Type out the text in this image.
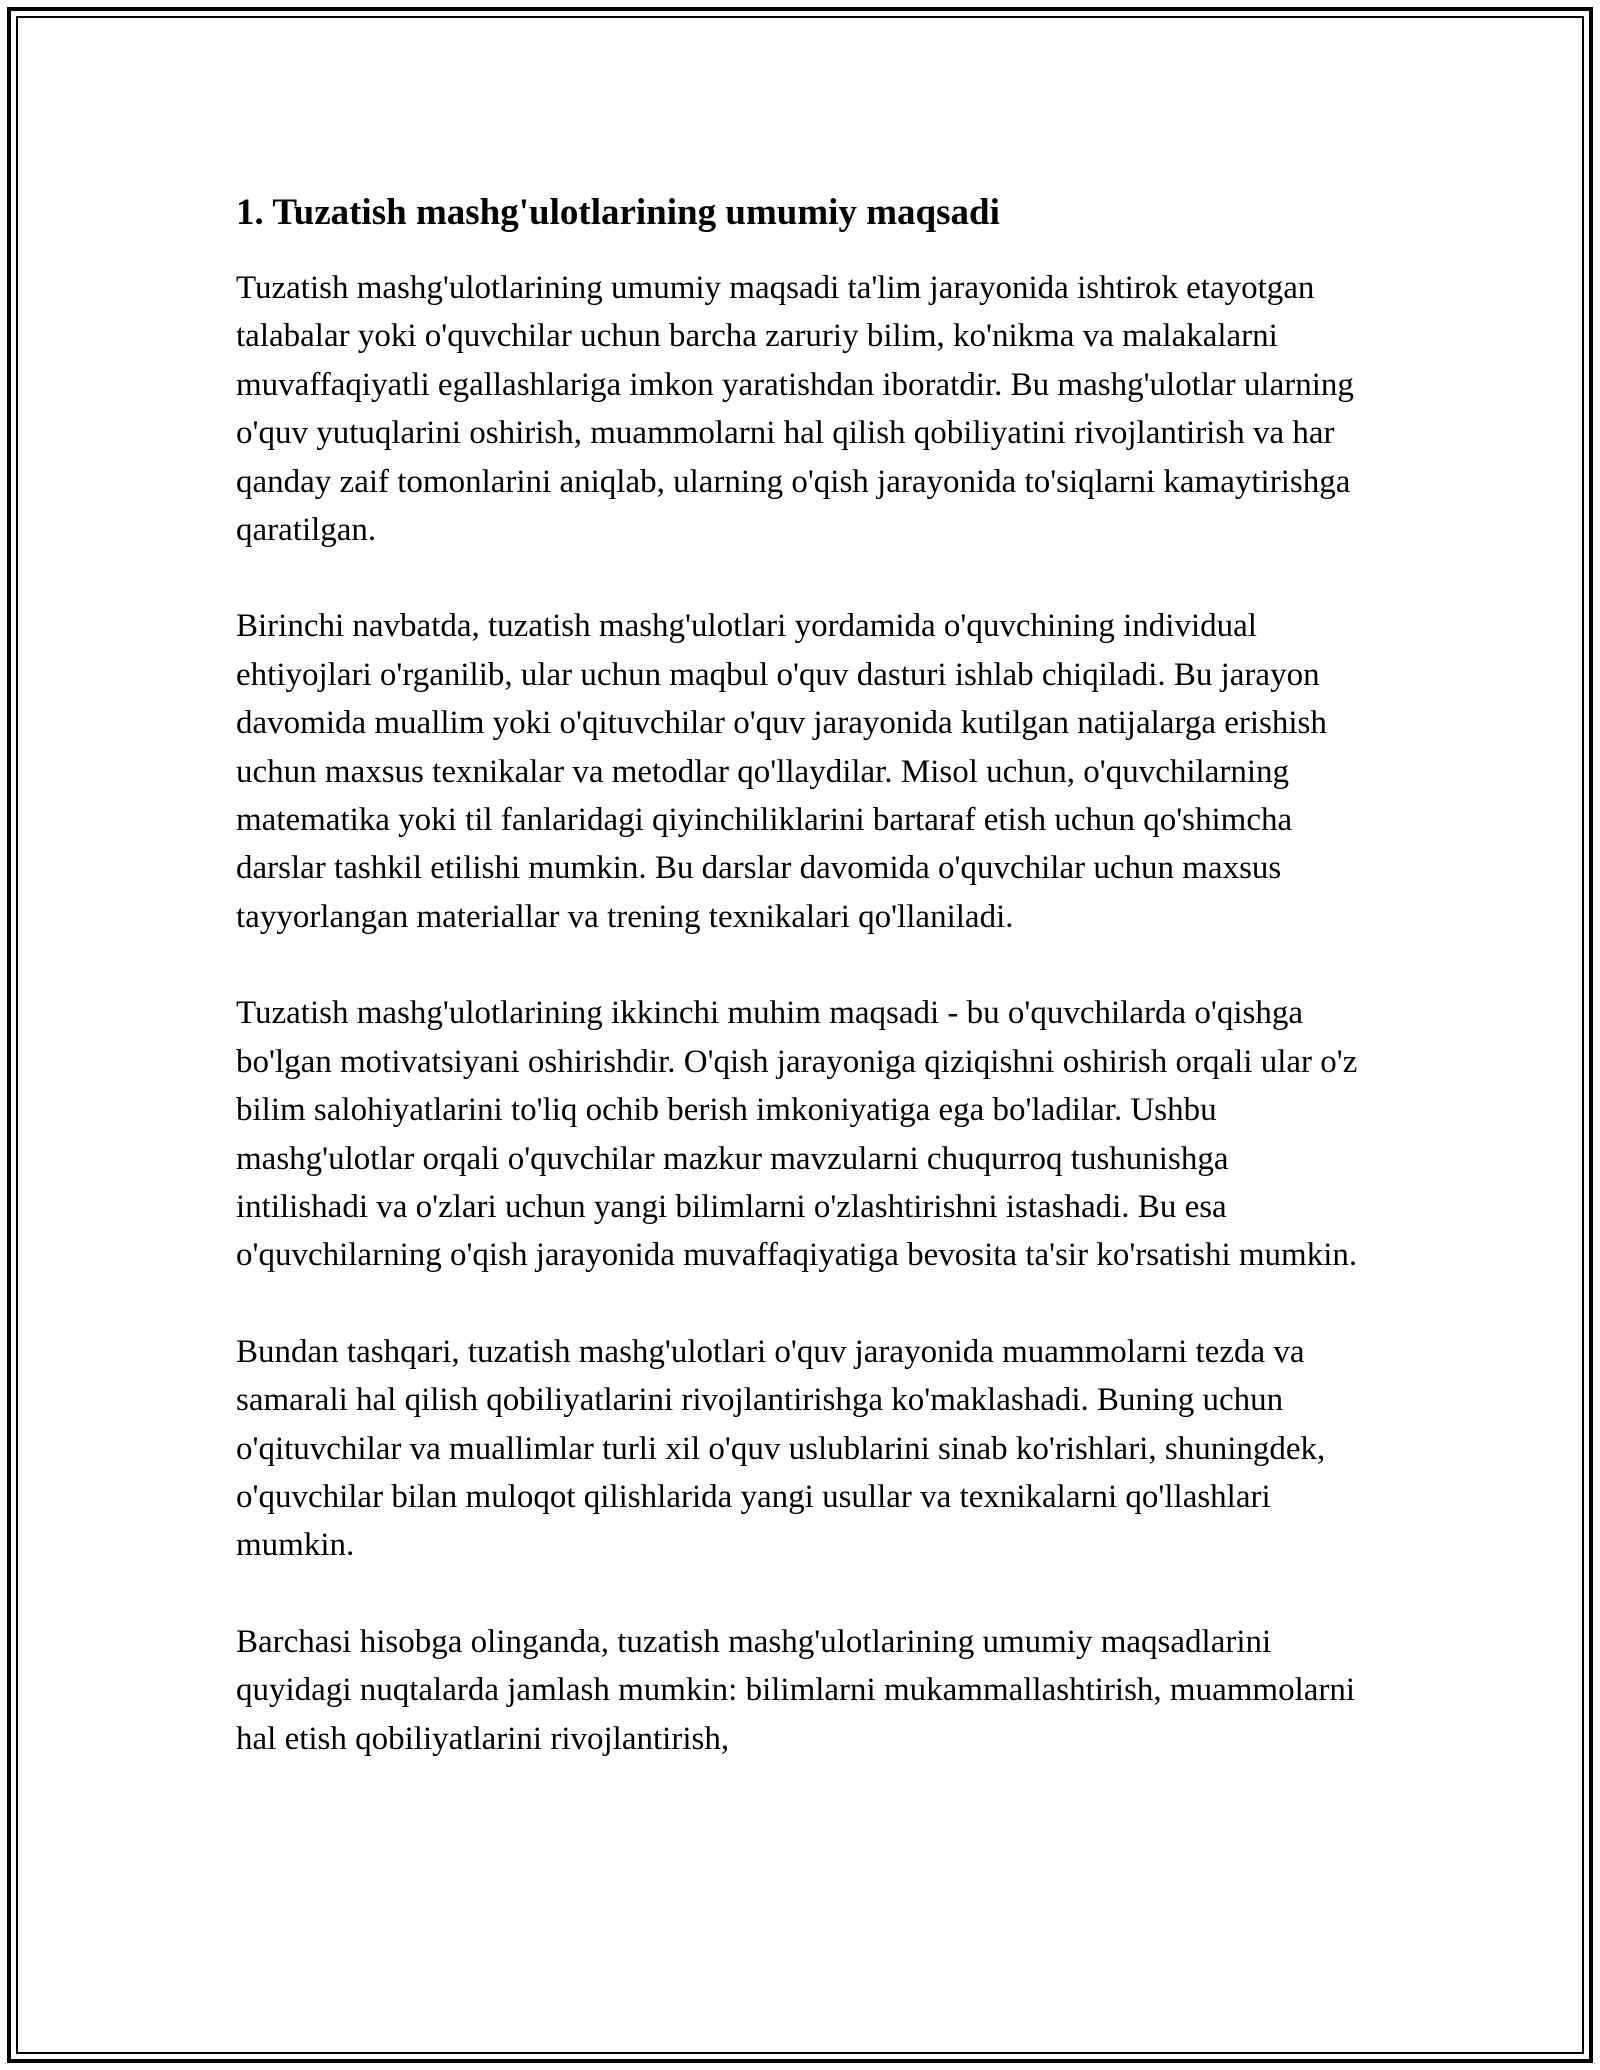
1. Tuzatish mashg'ulotlarining umumiy maqsadi

Tuzatish mashg'ulotlarining umumiy maqsadi ta'lim jarayonida ishtirok etayotgan talabalar yoki o'quvchilar uchun barcha zaruriy bilim, ko'nikma va malakalarni muvaffaqiyatli egallashlariga imkon yaratishdan iboratdir. Bu mashg'ulotlar ularning o'quv yutuqlarini oshirish, muammolarni hal qilish qobiliyatini rivojlantirish va har qanday zaif tomonlarini aniqlab, ularning o'qish jarayonida to'siqlarni kamaytirishga qaratilgan.

Birinchi navbatda, tuzatish mashg'ulotlari yordamida o'quvchining individual ehtiyojlari o'rganilib, ular uchun maqbul o'quv dasturi ishlab chiqiladi. Bu jarayon davomida muallim yoki o'qituvchilar o'quv jarayonida kutilgan natijalarga erishish uchun maxsus texnikalar va metodlar qo'llaydilar. Misol uchun, o'quvchilarning matematika yoki til fanlaridagi qiyinchiliklarini bartaraf etish uchun qo'shimcha darslar tashkil etilishi mumkin. Bu darslar davomida o'quvchilar uchun maxsus tayyorlangan materiallar va trening texnikalari qo'llaniladi.

Tuzatish mashg'ulotlarining ikkinchi muhim maqsadi - bu o'quvchilarda o'qishga bo'lgan motivatsiyani oshirishdir. O'qish jarayoniga qiziqishni oshirish orqali ular o'z bilim salohiyatlarini to'liq ochib berish imkoniyatiga ega bo'ladilar. Ushbu mashg'ulotlar orqali o'quvchilar mazkur mavzularni chuqurroq tushunishga intilishadi va o'zlari uchun yangi bilimlarni o'zlashtirishni istashadi. Bu esa o'quvchilarning o'qish jarayonida muvaffaqiyatiga bevosita ta'sir ko'rsatishi mumkin.

Bundan tashqari, tuzatish mashg'ulotlari o'quv jarayonida muammolarni tezda va samarali hal qilish qobiliyatlarini rivojlantirishga ko'maklashadi. Buning uchun o'qituvchilar va muallimlar turli xil o'quv uslublarini sinab ko'rishlari, shuningdek, o'quvchilar bilan muloqot qilishlarida yangi usullar va texnikalarni qo'llashlari mumkin.

Barchasi hisobga olinganda, tuzatish mashg'ulotlarining umumiy maqsadlarini quyidagi nuqtalarda jamlash mumkin: bilimlarni mukammallashtirish, muammolarni hal etish qobiliyatlarini rivojlantirish,
